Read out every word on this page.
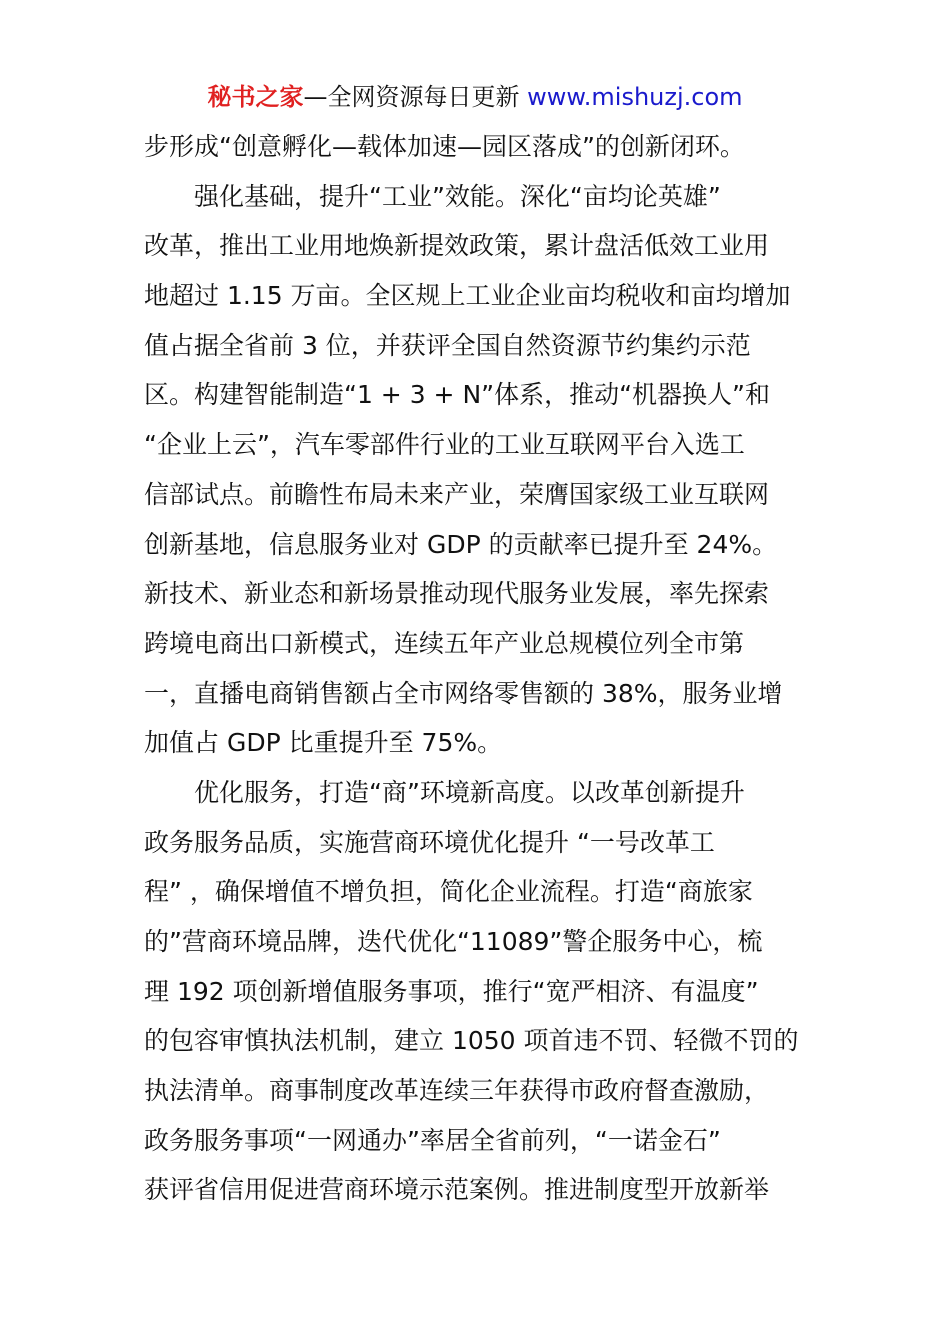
秘书之家—全网资源每日更新 www.mishuzj.com
步形成“创意孵化—载体加速—园区落成”的创新闭环。
强化基础，提升“工业”效能。深化“亩均论英雄”
改革，推出工业用地焕新提效政策，累计盘活低效工业用
地超过 1.15 万亩。全区规上工业企业亩均税收和亩均增加
值占据全省前 3 位，并获评全国自然资源节约集约示范
区。构建智能制造“1 + 3 + N”体系，推动“机器换人”和
“企业上云”，汽车零部件行业的工业互联网平台入选工
信部试点。前瞻性布局未来产业，荣膺国家级工业互联网
创新基地，信息服务业对 GDP 的贡献率已提升至 24%。
新技术、新业态和新场景推动现代服务业发展，率先探索
跨境电商出口新模式，连续五年产业总规模位列全市第
一，直播电商销售额占全市网络零售额的 38%，服务业增
加值占 GDP 比重提升至 75%。
优化服务，打造“商”环境新高度。以改革创新提升
政务服务品质，实施营商环境优化提升 “一号改革工
程” ，确保增值不增负担，简化企业流程。打造“商旅家
的”营商环境品牌，迭代优化“11089”警企服务中心，梳
理 192 项创新增值服务事项，推行“宽严相济、有温度”
的包容审慎执法机制，建立 1050 项首违不罚、轻微不罚的
执法清单。商事制度改革连续三年获得市政府督查激励，
政务服务事项“一网通办”率居全省前列，“一诺金石”
获评省信用促进营商环境示范案例。推进制度型开放新举
